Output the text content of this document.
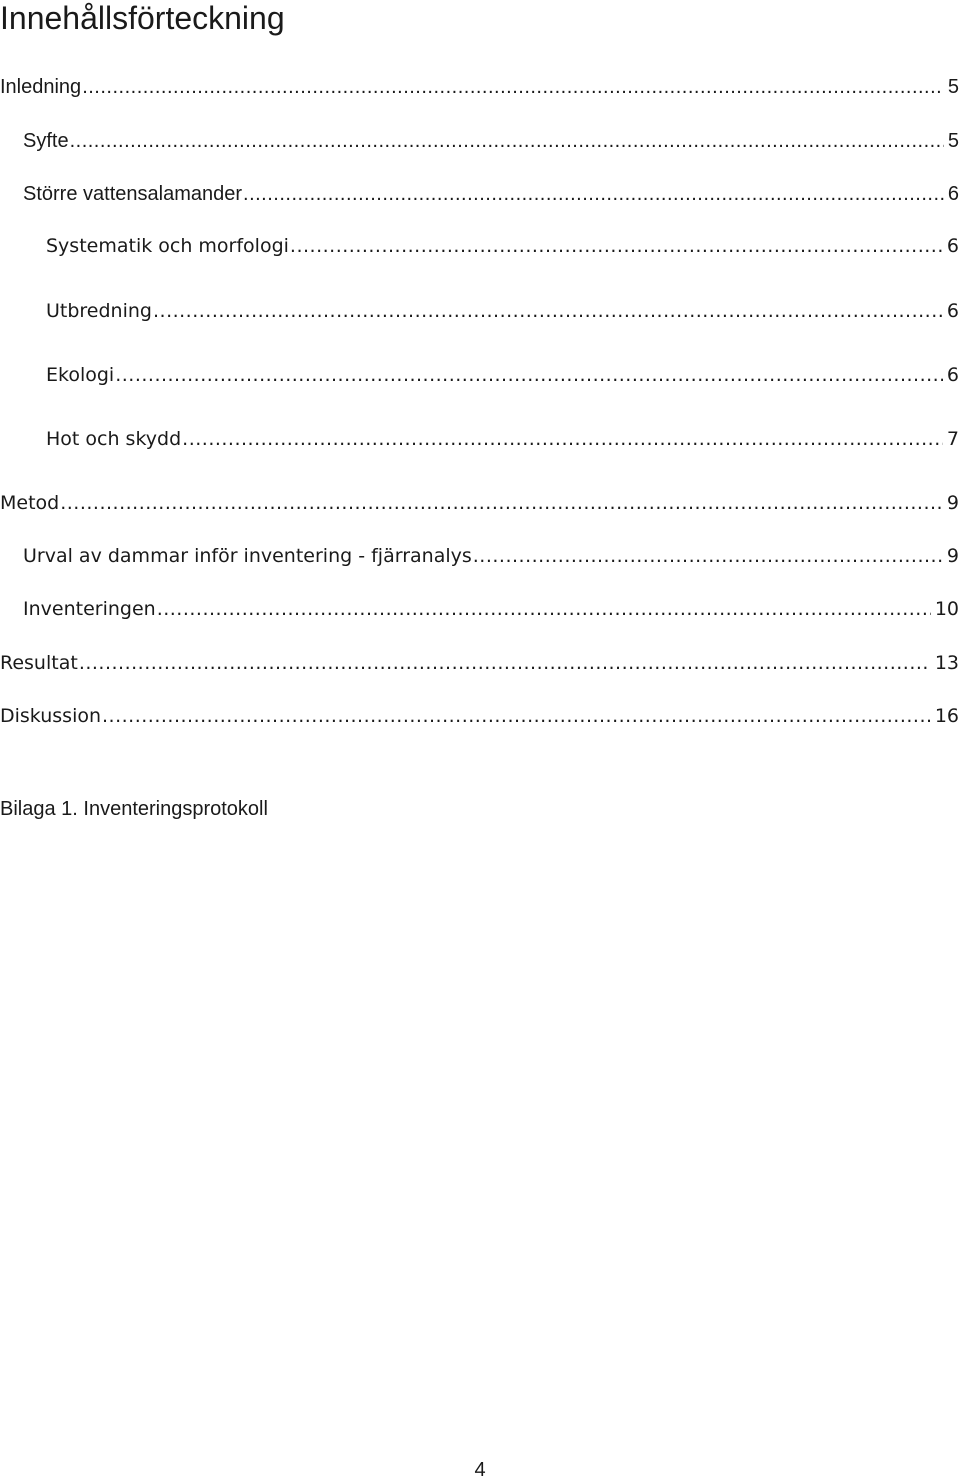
Innehållsförteckning
Inledning .....	5
Syfte .....	5
Större vattensalamander .....	6
Systematik och morfologi .....	6
Utbredning .....	6
Ekologi .....	6
Hot och skydd .....	7
Metod .....	9
Urval av dammar inför inventering - fjärranalys .....	9
Inventeringen .....	10
Resultat .....	13
Diskussion .....	16
Bilaga 1. Inventeringsprotokoll
4
